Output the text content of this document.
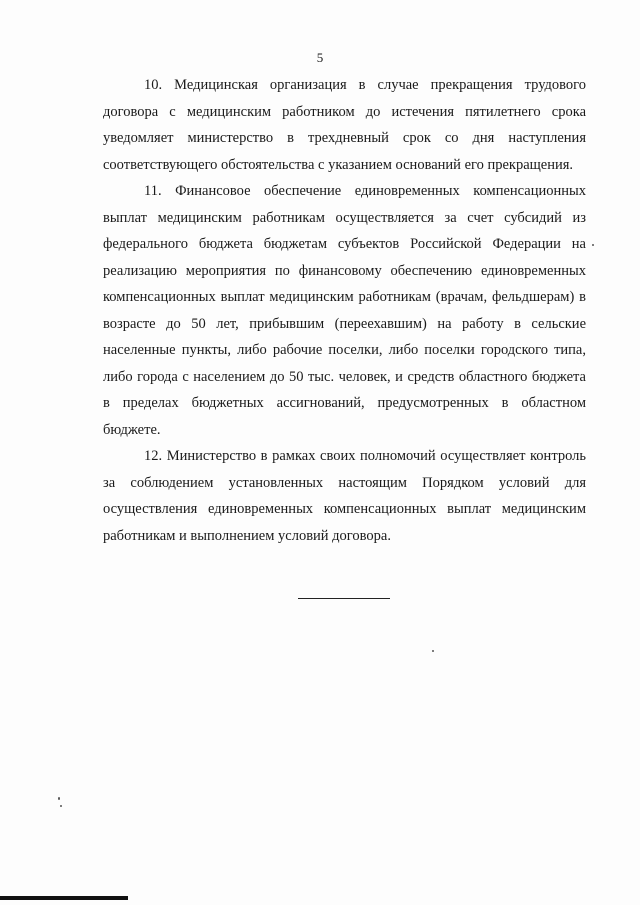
5

10. Медицинская организация в случае прекращения трудового
договора с медицинским работником до истечения пятилетнего срока
уведомляет министерство в трехдневный срок со дня наступления
соответствующего обстоятельства с указанием оснований его прекращения.

11. Финансовое обеспечение единовременных компенсационных
выплат медицинским работникам осуществляется за счет субсидий из
федерального бюджета бюджетам субъектов Российской Федерации на
реализацию мероприятия по финансовому обеспечению единовременных
компенсационных выплат медицинским работникам (врачам, фельдшерам) в
возрасте до 50 лет, прибывшим (переехавшим) на работу в сельские
населенные пункты, либо рабочие поселки, либо поселки городского типа,
либо города с населением до 50 тыс. человек, и средств областного бюджета
в пределах бюджетных ассигнований, предусмотренных в областном
бюджете.

12. Министерство в рамках своих полномочий осуществляет контроль
за соблюдением установленных настоящим Порядком условий для
осуществления единовременных компенсационных выплат медицинским
работникам и выполнением условий договора.
